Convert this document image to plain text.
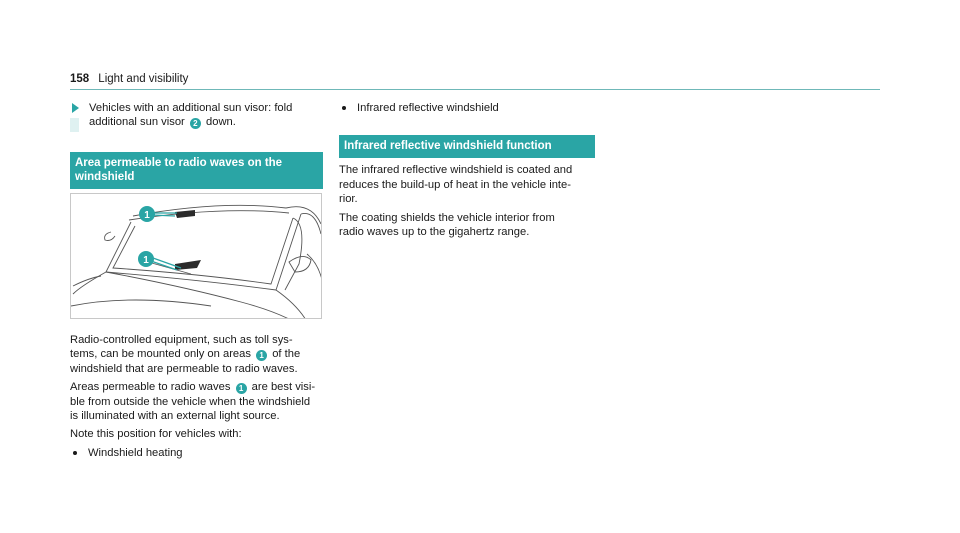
158 Light and visibility
Vehicles with an additional sun visor: fold
additional sun visor 2 down.
Area permeable to radio waves on the
windshield
1
1

Radio-controlled equipment, such as toll sys-
tems, can be mounted only on areas 1 of the
windshield that are permeable to radio waves.

Areas permeable to radio waves 1 are best visi-
ble from outside the vehicle when the windshield
is illuminated with an external light source.

Note this position for vehicles with:

Windshield heating
Infrared reflective windshield
Infrared reflective windshield function

The infrared reflective windshield is coated and
reduces the build-up of heat in the vehicle inte-
rior.

The coating shields the vehicle interior from
radio waves up to the gigahertz range.
